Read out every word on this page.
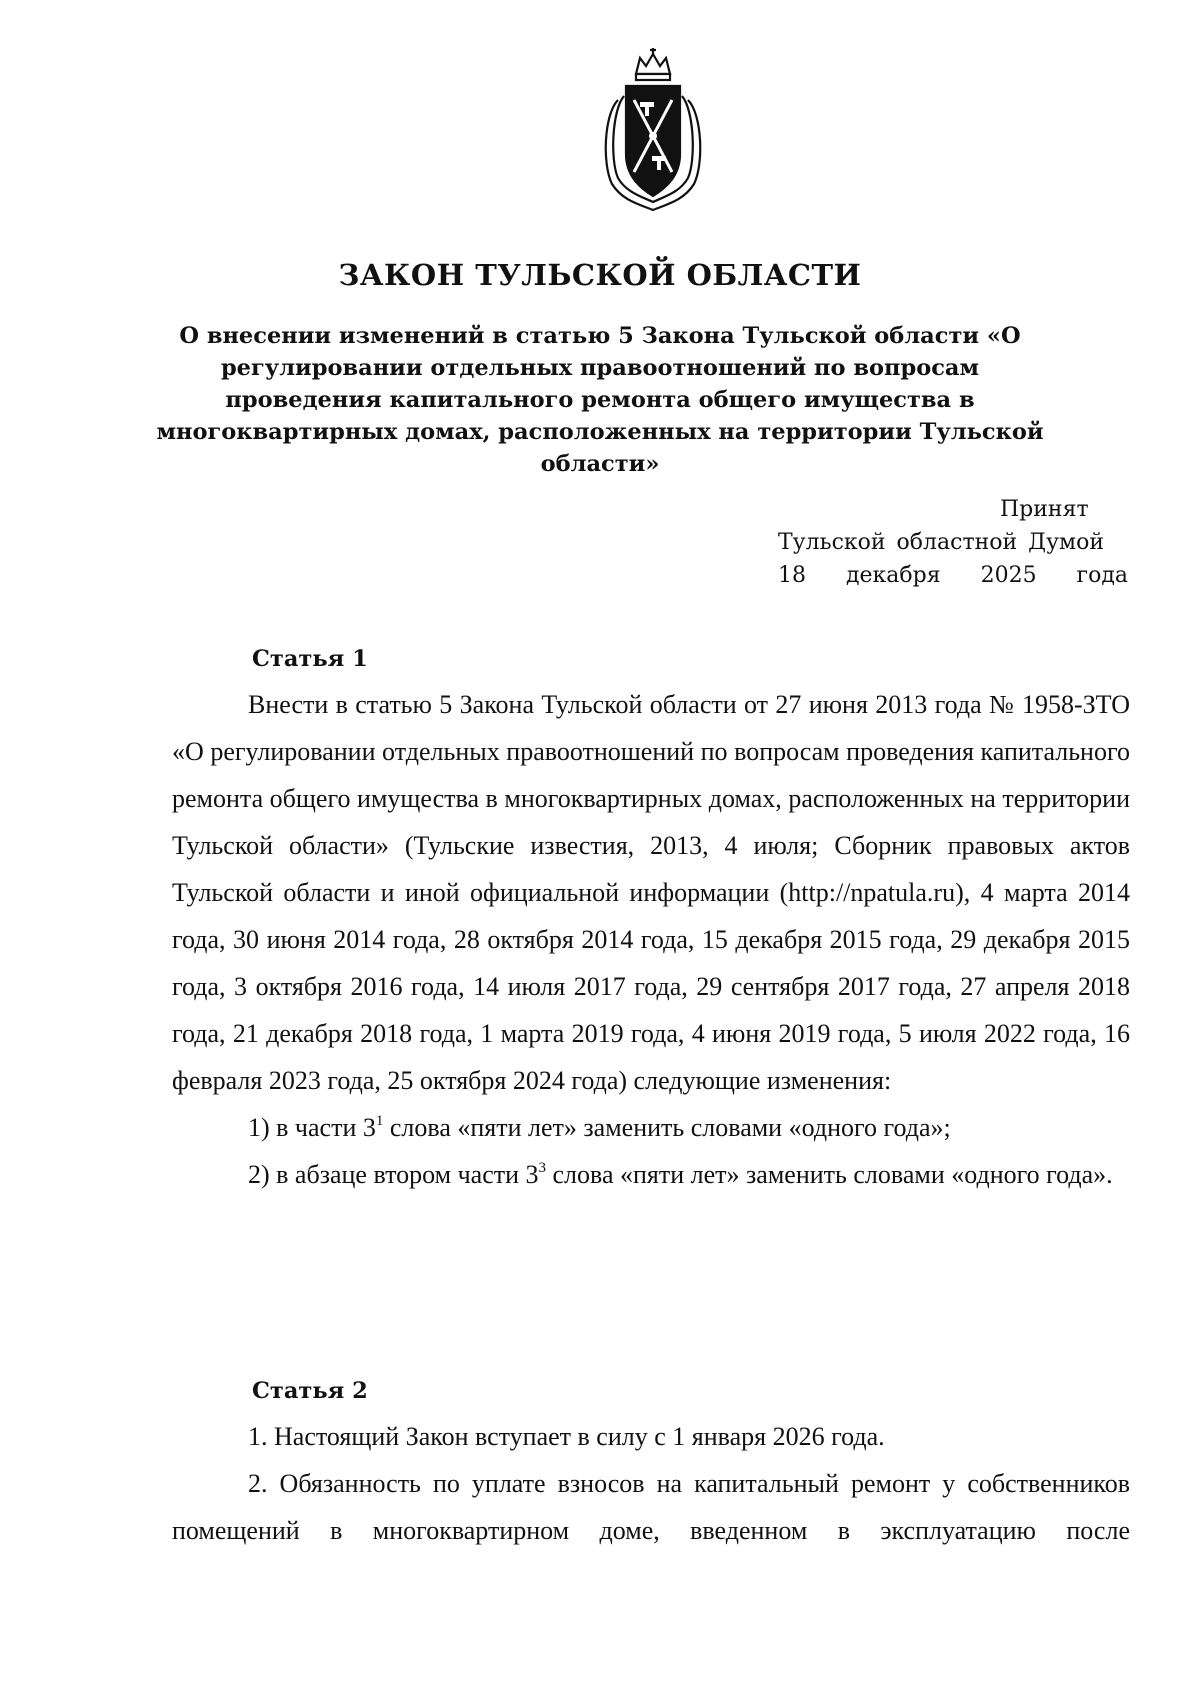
ЗАКОН ТУЛЬСКОЙ ОБЛАСТИ
О внесении изменений в статью 5 Закона Тульской области «О регулировании отдельных правоотношений по вопросам проведения капитального ремонта общего имущества в многоквартирных домах, расположенных на территории Тульской области»
Принят
Тульской областной Думой
18 декабря 2025 года
Статья 1

Внести в статью 5 Закона Тульской области от 27 июня 2013 года № 1958-ЗТО «О регулировании отдельных правоотношений по вопросам проведения капитального ремонта общего имущества в многоквартирных домах, расположенных на территории Тульской области» (Тульские известия, 2013, 4 июля; Сборник правовых актов Тульской области и иной официальной информации (http://npatula.ru), 4 марта 2014 года, 30 июня 2014 года, 28 октября 2014 года, 15 декабря 2015 года, 29 декабря 2015 года, 3 октября 2016 года, 14 июля 2017 года, 29 сентября 2017 года, 27 апреля 2018 года, 21 декабря 2018 года, 1 марта 2019 года, 4 июня 2019 года, 5 июля 2022 года, 16 февраля 2023 года, 25 октября 2024 года) следующие изменения:

1) в части $3^1$ слова «пяти лет» заменить словами «одного года»;

2) в абзаце втором части $3^3$ слова «пяти лет» заменить словами «одного года».

Статья 2

1. Настоящий Закон вступает в силу с 1 января 2026 года.

2. Обязанность по уплате взносов на капитальный ремонт у собственников помещений в многоквартирном доме, введенном в эксплуатацию после
